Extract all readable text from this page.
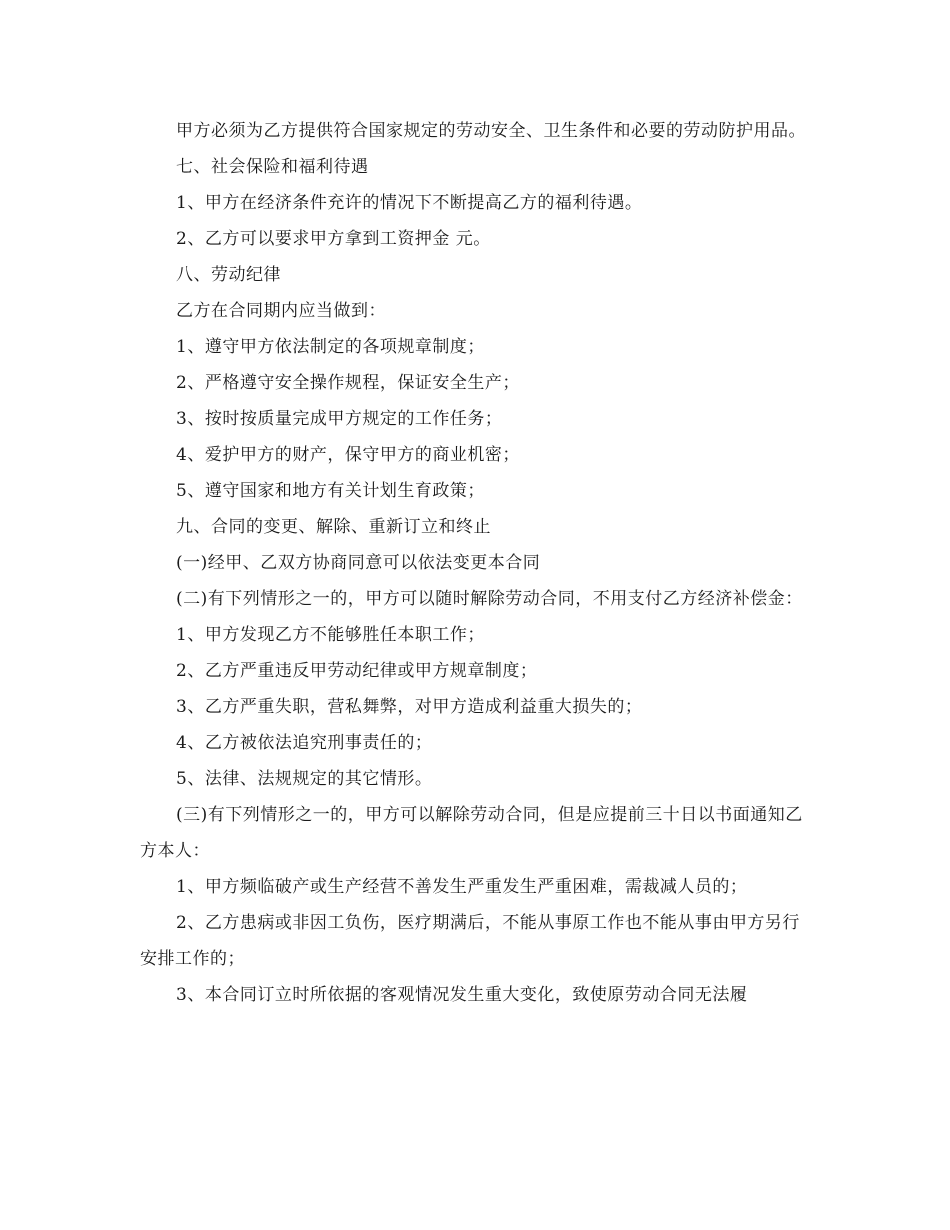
甲方必须为乙方提供符合国家规定的劳动安全、卫生条件和必要的劳动防护用品。

七、社会保险和福利待遇

1、甲方在经济条件充许的情况下不断提高乙方的福利待遇。

2、乙方可以要求甲方拿到工资押金 元。

八、劳动纪律

乙方在合同期内应当做到：

1、遵守甲方依法制定的各项规章制度；

2、严格遵守安全操作规程，保证安全生产；

3、按时按质量完成甲方规定的工作任务；

4、爱护甲方的财产，保守甲方的商业机密；

5、遵守国家和地方有关计划生育政策；

九、合同的变更、解除、重新订立和终止

(一)经甲、乙双方协商同意可以依法变更本合同

(二)有下列情形之一的，甲方可以随时解除劳动合同，不用支付乙方经济补偿金：

1、甲方发现乙方不能够胜任本职工作；

2、乙方严重违反甲劳动纪律或甲方规章制度；

3、乙方严重失职，营私舞弊，对甲方造成利益重大损失的；

4、乙方被依法追究刑事责任的；

5、法律、法规规定的其它情形。

(三)有下列情形之一的，甲方可以解除劳动合同，但是应提前三十日以书面通知乙方本人：

1、甲方频临破产或生产经营不善发生严重发生严重困难，需裁减人员的；

2、乙方患病或非因工负伤，医疗期满后，不能从事原工作也不能从事由甲方另行安排工作的；

3、本合同订立时所依据的客观情况发生重大变化，致使原劳动合同无法履
